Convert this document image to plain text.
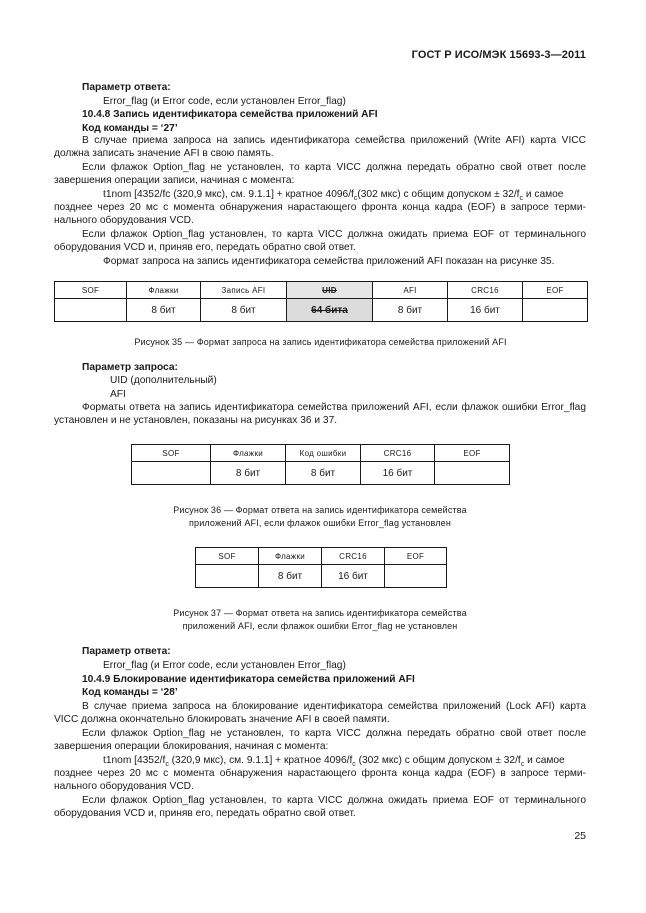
ГОСТ Р ИСО/МЭК 15693-3—2011
Параметр ответа:
Error_flag (и Error code, если установлен Error_flag)
10.4.8 Запись идентификатора семейства приложений AFI
Код команды = ‘27’
В случае приема запроса на запись идентификатора семейства приложений (Write AFI) карта VICC
должна записать значение AFI в свою память.
Если флажок Option_flag не установлен, то карта VICC должна передать обратно свой ответ после
завершения операции записи, начиная с момента:
t1nom [4352/fc (320,9 мкс), см. 9.1.1] + кратное $4096/f_c(302$ мкс) с общим допуском ± $32/f_c$ и самое
позднее через 20 мс с момента обнаружения нарастающего фронта конца кадра (EOF) в запросе терми-
нального оборудования VCD.
Если флажок Option_flag установлен, то карта VICC должна ожидать приема EOF от терминального
оборудования VCD и, приняв его, передать обратно свой ответ.
Формат запроса на запись идентификатора семейства приложений AFI показан на рисунке 35.
SOF	Флажки	Запись AFI	UID	AFI	CRC16	EOF
	8 бит	8 бит	64 бита	8 бит	16 бит	
Рисунок 35 — Формат запроса на запись идентификатора семейства приложений AFI
Параметр запроса:
UID (дополнительный)
AFI
Форматы ответа на запись идентификатора семейства приложений AFI, если флажок ошибки Error_flag
установлен и не установлен, показаны на рисунках 36 и 37.
SOF	Флажки	Код ошибки	CRC16	EOF
	8 бит	8 бит	16 бит	
Рисунок 36 — Формат ответа на запись идентификатора семейства
приложений AFI, если флажок ошибки Error_flag установлен
SOF	Флажки	CRC16	EOF
	8 бит	16 бит	
Рисунок 37 — Формат ответа на запись идентификатора семейства
приложений AFI, если флажок ошибки Error_flag не установлен
Параметр ответа:
Error_flag (и Error code, если установлен Error_flag)
10.4.9 Блокирование идентификатора семейства приложений AFI
Код команды = ‘28’
В случае приема запроса на блокирование идентификатора семейства приложений (Lock AFI) карта
VICC должна окончательно блокировать значение AFI в своей памяти.
Если флажок Option_flag не установлен, то карта VICC должна передать обратно свой ответ после
завершения операции блокирования, начиная с момента:
t1nom [$4352/f_c$ (320,9 мкс), см. 9.1.1] + кратное $4096/f_c$ (302 мкс) с общим допуском ± $32/f_c$ и самое
позднее через 20 мс с момента обнаружения нарастающего фронта конца кадра (EOF) в запросе терми-
нального оборудования VCD.
Если флажок Option_flag установлен, то карта VICC должна ожидать приема EOF от терминального
оборудования VCD и, приняв его, передать обратно свой ответ.
25
